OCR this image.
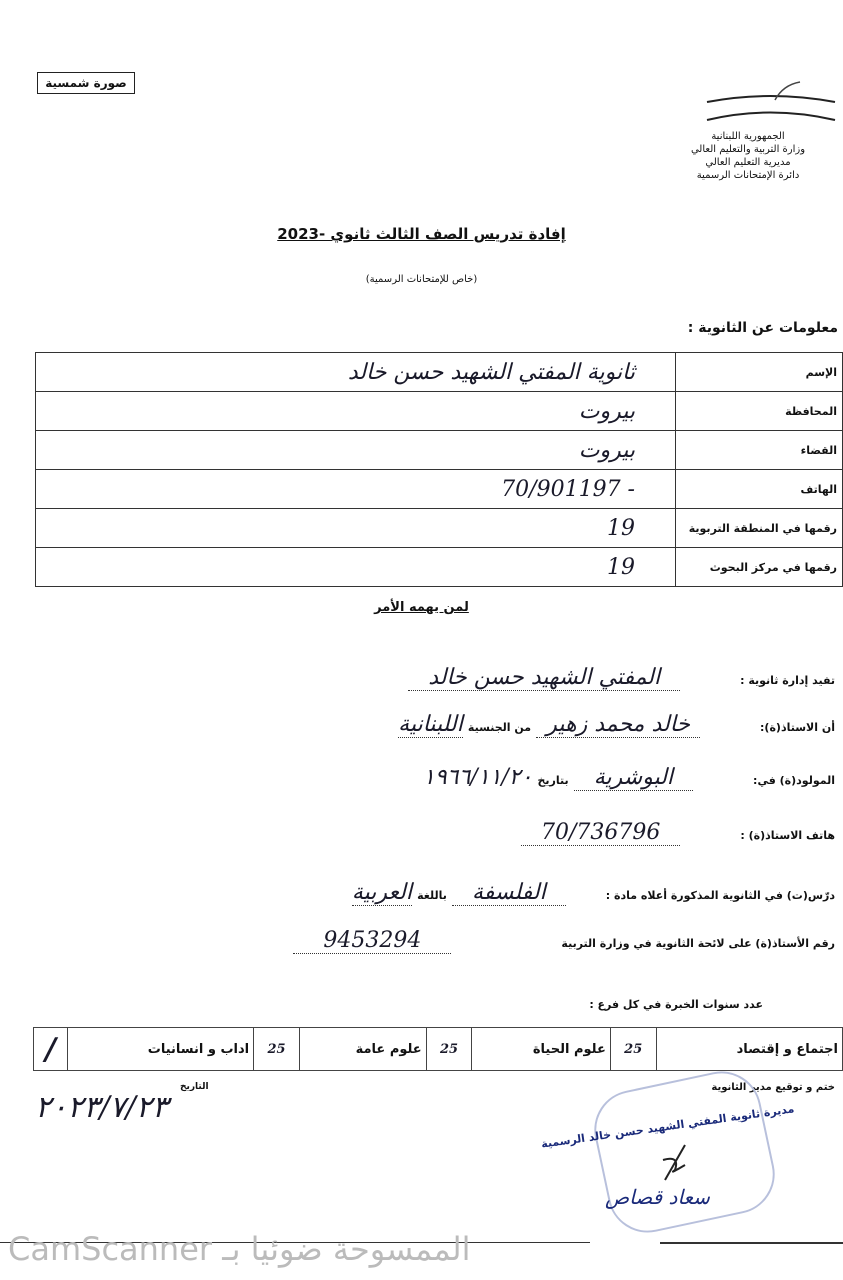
صورة شمسية
الجمهورية اللبنانية
وزارة التربية والتعليم العالي
مديرية التعليم العالي
دائرة الإمتحانات الرسمية
إفادة تدريس الصف الثالث ثانوي -2023
(خاص للإمتحانات الرسمية)
معلومات عن الثانوية :
ثانوية المفتي الشهيد حسن خالد	الإسم
بيروت	المحافظة
بيروت	القضاء
70/901197 -	الهاتف
19	رقمها في المنطقة التربوية
19	رقمها في مركز البحوث
لمن يهمه الأمر
تفيد إدارة ثانوية :المفتي الشهيد حسن خالد
أن الاستاذ(ة):خالد محمد زهير من الجنسية اللبنانية
المولود(ة) في:البوشرية بتاريخ ١٩٦٦/١١/٢٠
هاتف الاستاذ(ة) :70/736796
درّس(ت) في الثانوية المذكورة أعلاه مادة :الفلسفة باللغة العربية
رقم الأستاذ(ة) على لائحة الثانوية في وزارة التربية9453294
عدد سنوات الخبرة في كل فرع :
اجتماع و إقتصاد	25	علوم الحياة	25	علوم عامة	25	اداب و انسانيات	/
ختم و توقيع مدير الثانوية
التاريخ
٢٠٢٣/٧/٢٣	مديرة ثانوية المفتي الشهيد حسن خالد الرسمية
سعاد قصاص
CamScanner الممسوحة ضوئيا بـ
